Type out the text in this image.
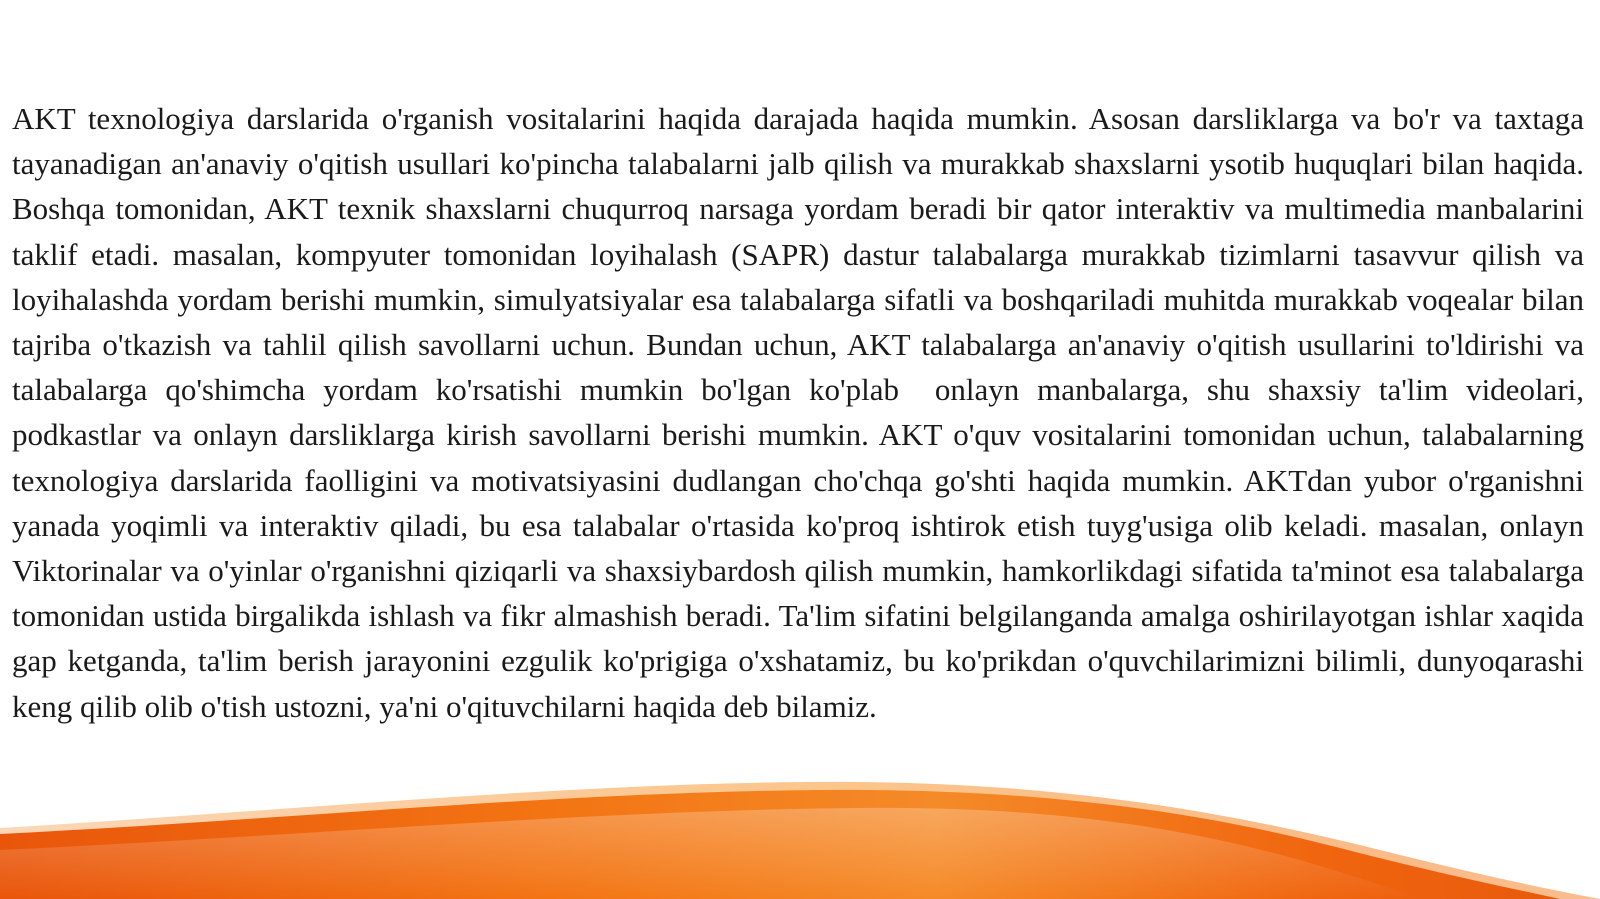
AKT texnologiya darslarida o'rganish vositalarini haqida darajada haqida mumkin. Asosan darsliklarga va bo'r va taxtaga tayanadigan an'anaviy o'qitish usullari ko'pincha talabalarni jalb qilish va murakkab shaxslarni ysotib huquqlari bilan haqida. Boshqa tomonidan, AKT texnik shaxslarni chuqurroq narsaga yordam beradi bir qator interaktiv va multimedia manbalarini taklif etadi. masalan, kompyuter tomonidan loyihalash (SAPR) dastur talabalarga murakkab tizimlarni tasavvur qilish va loyihalashda yordam berishi mumkin, simulyatsiyalar esa talabalarga sifatli va boshqariladi muhitda murakkab voqealar bilan tajriba o'tkazish va tahlil qilish savollarni uchun. Bundan uchun, AKT talabalarga an'anaviy o'qitish usullarini to'ldirishi va talabalarga qo'shimcha yordam ko'rsatishi mumkin bo'lgan ko'plab  onlayn manbalarga, shu shaxsiy ta'lim videolari, podkastlar va onlayn darsliklarga kirish savollarni berishi mumkin. AKT o'quv vositalarini tomonidan uchun, talabalarning texnologiya darslarida faolligini va motivatsiyasini dudlangan cho'chqa go'shti haqida mumkin. AKTdan yubor o'rganishni yanada yoqimli va interaktiv qiladi, bu esa talabalar o'rtasida ko'proq ishtirok etish tuyg'usiga olib keladi. masalan, onlayn Viktorinalar va o'yinlar o'rganishni qiziqarli va shaxsiybardosh qilish mumkin, hamkorlikdagi sifatida ta'minot esa talabalarga tomonidan ustida birgalikda ishlash va fikr almashish beradi. Ta'lim sifatini belgilanganda amalga oshirilayotgan ishlar xaqida gap ketganda, ta'lim berish jarayonini ezgulik ko'prigiga o'xshatamiz, bu ko'prikdan o'quvchilarimizni bilimli, dunyoqarashi keng qilib olib o'tish ustozni, ya'ni o'qituvchilarni haqida deb bilamiz.
